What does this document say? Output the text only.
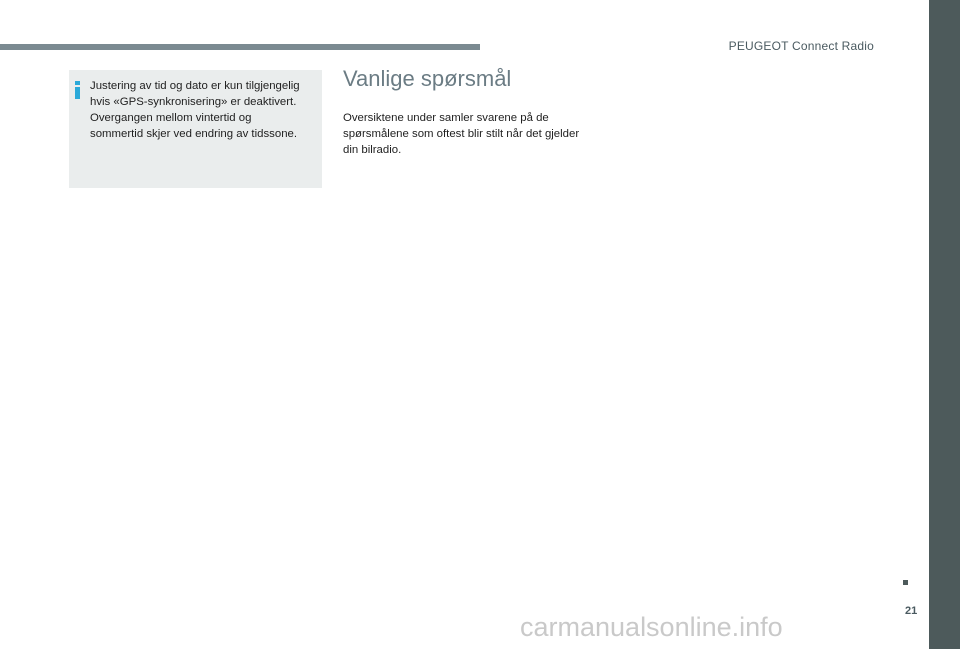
PEUGEOT Connect Radio

Justering av tid og dato er kun tilgjengelig
hvis «GPS-synkronisering» er deaktivert.
Overgangen mellom vintertid og
sommertid skjer ved endring av tidssone.

Vanlige spørsmål

Oversiktene under samler svarene på de
spørsmålene som oftest blir stilt når det gjelder
din bilradio.

21
carmanualsonline.info
